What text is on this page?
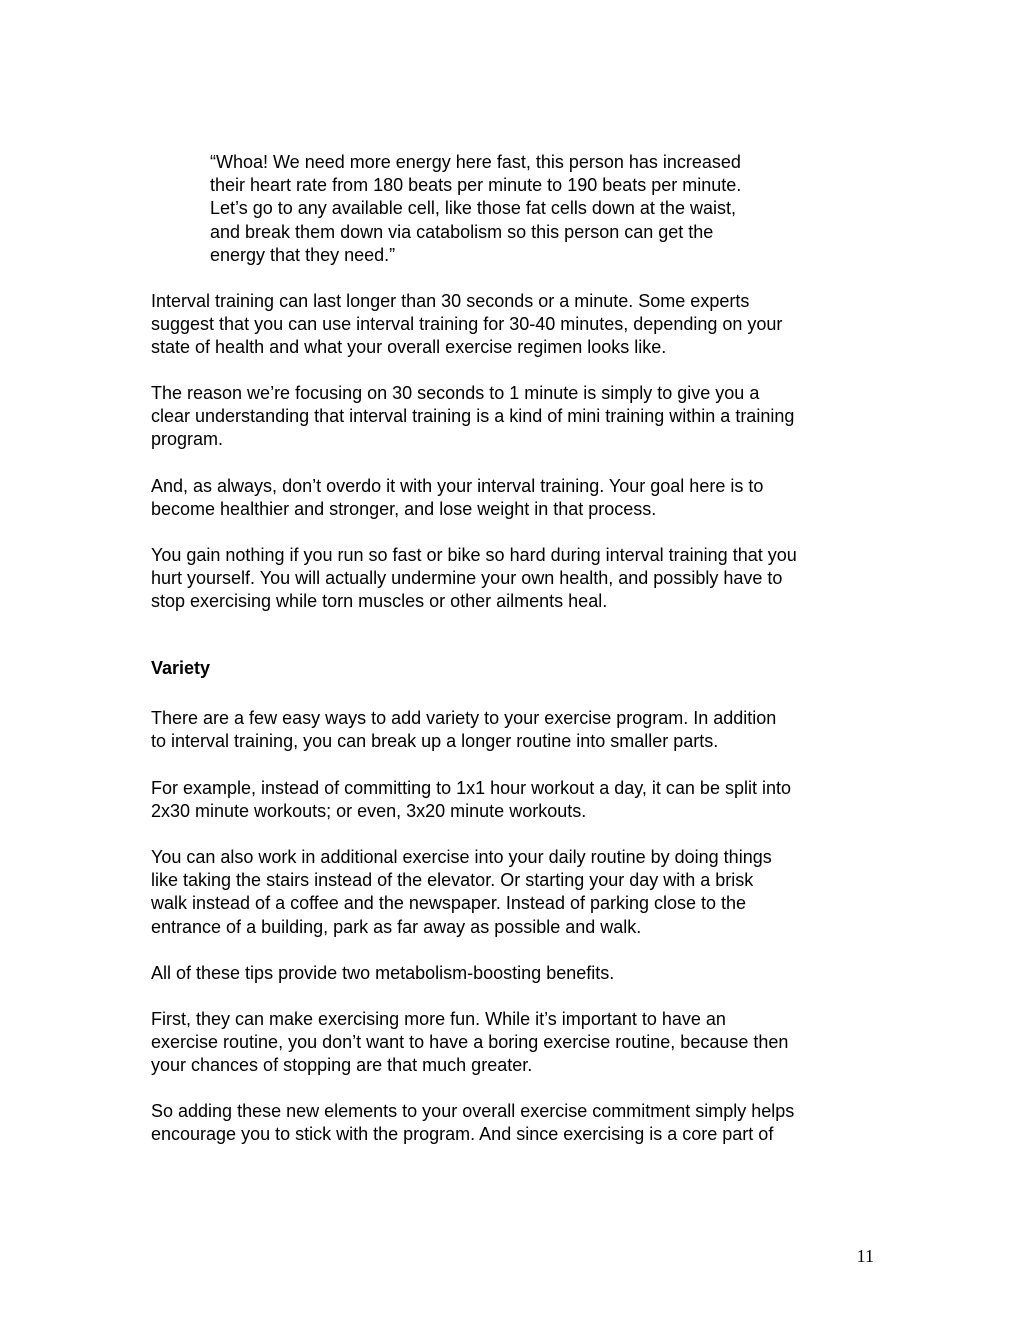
“Whoa! We need more energy here fast, this person has increased
their heart rate from 180 beats per minute to 190 beats per minute.
Let’s go to any available cell, like those fat cells down at the waist,
and break them down via catabolism so this person can get the
energy that they need.”

Interval training can last longer than 30 seconds or a minute. Some experts
suggest that you can use interval training for 30-40 minutes, depending on your
state of health and what your overall exercise regimen looks like.

The reason we’re focusing on 30 seconds to 1 minute is simply to give you a
clear understanding that interval training is a kind of mini training within a training
program.

And, as always, don’t overdo it with your interval training. Your goal here is to
become healthier and stronger, and lose weight in that process.

You gain nothing if you run so fast or bike so hard during interval training that you
hurt yourself. You will actually undermine your own health, and possibly have to
stop exercising while torn muscles or other ailments heal.

Variety

There are a few easy ways to add variety to your exercise program. In addition
to interval training, you can break up a longer routine into smaller parts.

For example, instead of committing to 1x1 hour workout a day, it can be split into
2x30 minute workouts; or even, 3x20 minute workouts.

You can also work in additional exercise into your daily routine by doing things
like taking the stairs instead of the elevator. Or starting your day with a brisk
walk instead of a coffee and the newspaper. Instead of parking close to the
entrance of a building, park as far away as possible and walk.

All of these tips provide two metabolism-boosting benefits.

First, they can make exercising more fun. While it’s important to have an
exercise routine, you don’t want to have a boring exercise routine, because then
your chances of stopping are that much greater.

So adding these new elements to your overall exercise commitment simply helps
encourage you to stick with the program. And since exercising is a core part of

11
